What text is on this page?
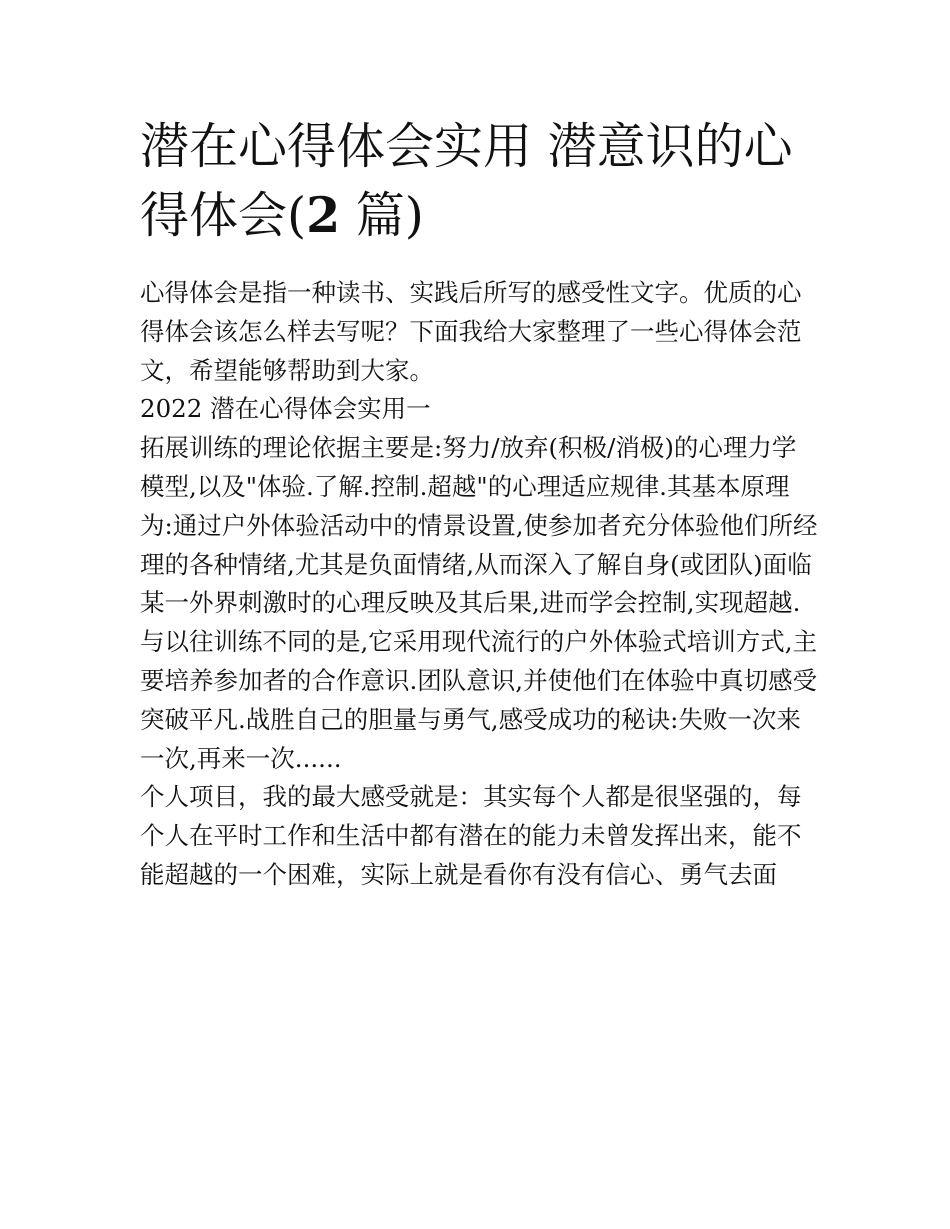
潜在心得体会实用 潜意识的心得体会(2 篇)

心得体会是指一种读书、实践后所写的感受性文字。优质的心得体会该怎么样去写呢？下面我给大家整理了一些心得体会范文，希望能够帮助到大家。

2022 潜在心得体会实用一

拓展训练的理论依据主要是:努力/放弃(积极/消极)的心理力学模型,以及"体验.了解.控制.超越"的心理适应规律.其基本原理为:通过户外体验活动中的情景设置,使参加者充分体验他们所经理的各种情绪,尤其是负面情绪,从而深入了解自身(或团队)面临某一外界刺激时的心理反映及其后果,进而学会控制,实现超越.与以往训练不同的是,它采用现代流行的户外体验式培训方式,主要培养参加者的合作意识.团队意识,并使他们在体验中真切感受突破平凡.战胜自己的胆量与勇气,感受成功的秘诀:失败一次来一次,再来一次......

个人项目，我的最大感受就是：其实每个人都是很坚强的，每个人在平时工作和生活中都有潜在的能力未曾发挥出来，能不能超越的一个困难，实际上就是看你有没有信心、勇气去面
